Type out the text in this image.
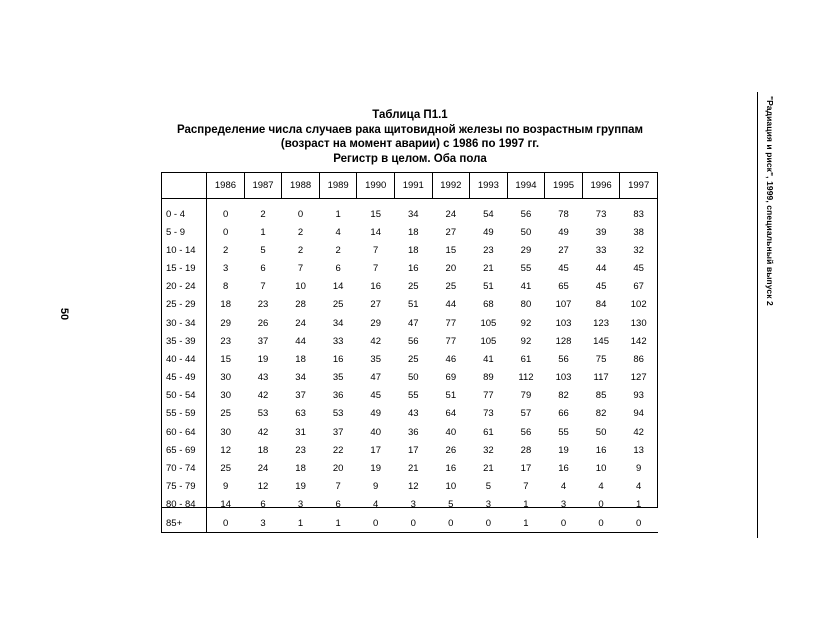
50
Таблица П1.1
Распределение числа случаев рака щитовидной железы по возрастным группам
(возраст на момент аварии) с 1986 по 1997 гг.
Регистр в целом. Оба пола
	1986	1987	1988	1989	1990	1991	1992	1993	1994	1995	1996	1997
0 - 4	0	2	0	1	15	34	24	54	56	78	73	83
5 - 9	0	1	2	4	14	18	27	49	50	49	39	38
10 - 14	2	5	2	2	7	18	15	23	29	27	33	32
15 - 19	3	6	7	6	7	16	20	21	55	45	44	45
20 - 24	8	7	10	14	16	25	25	51	41	65	45	67
25 - 29	18	23	28	25	27	51	44	68	80	107	84	102
30 - 34	29	26	24	34	29	47	77	105	92	103	123	130
35 - 39	23	37	44	33	42	56	77	105	92	128	145	142
40 - 44	15	19	18	16	35	25	46	41	61	56	75	86
45 - 49	30	43	34	35	47	50	69	89	112	103	117	127
50 - 54	30	42	37	36	45	55	51	77	79	82	85	93
55 - 59	25	53	63	53	49	43	64	73	57	66	82	94
60 - 64	30	42	31	37	40	36	40	61	56	55	50	42
65 - 69	12	18	23	22	17	17	26	32	28	19	16	13
70 - 74	25	24	18	20	19	21	16	21	17	16	10	9
75 - 79	9	12	19	7	9	12	10	5	7	4	4	4
80 - 84	14	6	3	6	4	3	5	3	1	3	0	1
85+	0	3	1	1	0	0	0	0	1	0	0	0
"Радиация и риск", 1999, специальный выпуск 2
